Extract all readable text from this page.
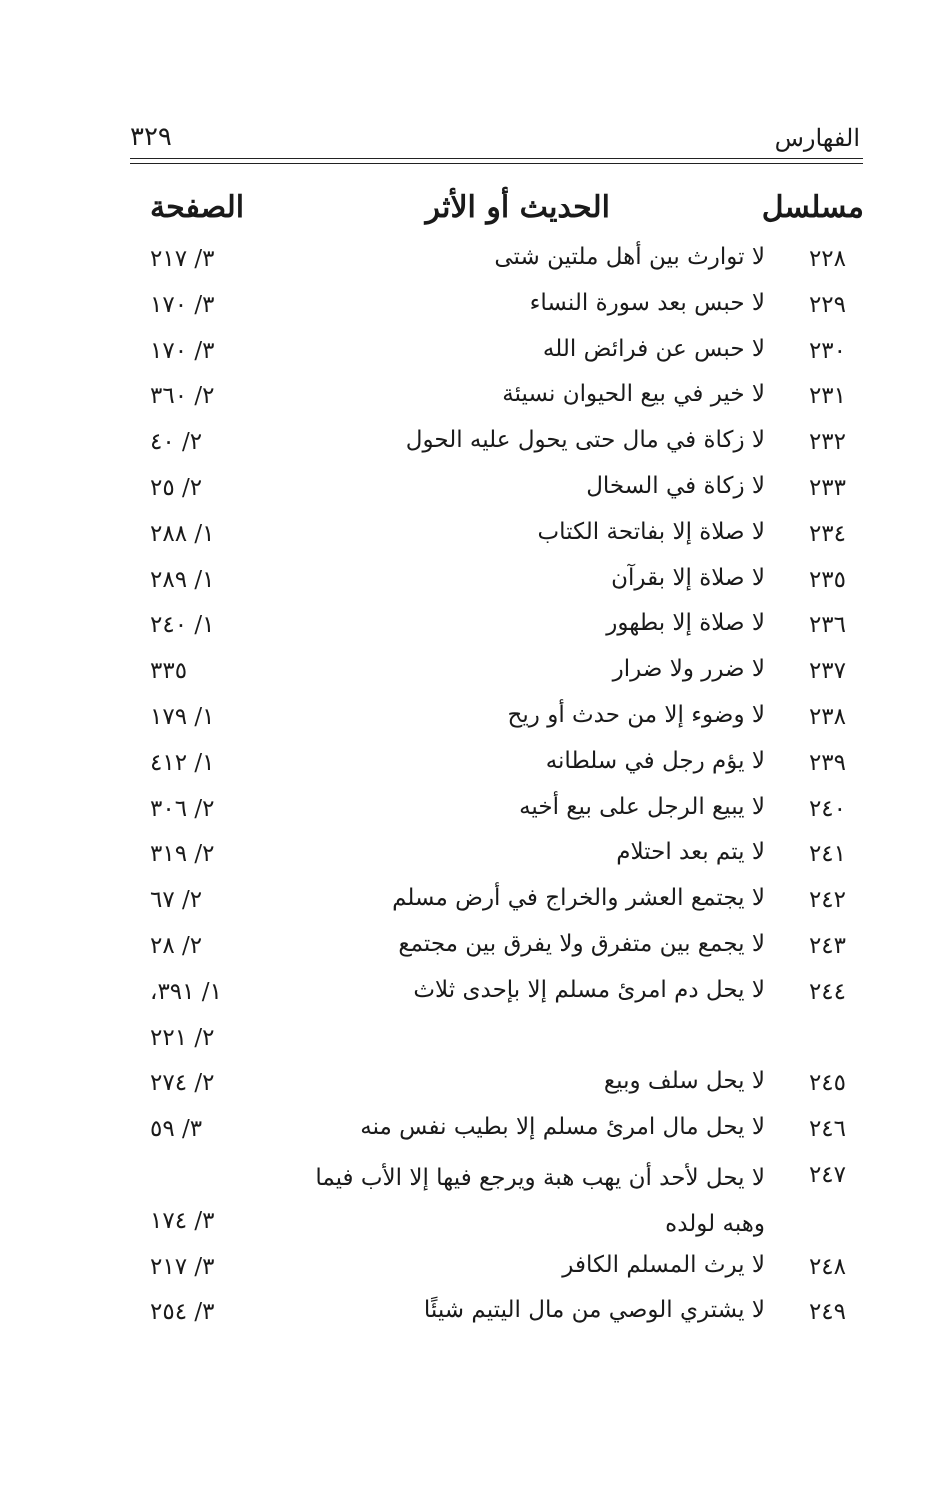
الفهارس
٣٢٩
مسلسل
الحديث أو الأثر
الصفحة
٢٢٨
لا توارث بين أهل ملتين شتى
٣/ ٢١٧
٢٢٩
لا حبس بعد سورة النساء
٣/ ١٧٠
٢٣٠
لا حبس عن فرائض الله
٣/ ١٧٠
٢٣١
لا خير في بيع الحيوان نسيئة
٢/ ٣٦٠
٢٣٢
لا زكاة في مال حتى يحول عليه الحول
٢/ ٤٠
٢٣٣
لا زكاة في السخال
٢/ ٢٥
٢٣٤
لا صلاة إلا بفاتحة الكتاب
١/ ٢٨٨
٢٣٥
لا صلاة إلا بقرآن
١/ ٢٨٩
٢٣٦
لا صلاة إلا بطهور
١/ ٢٤٠
٢٣٧
لا ضرر ولا ضرار
٣٣٥
٢٣٨
لا وضوء إلا من حدث أو ريح
١/ ١٧٩
٢٣٩
لا يؤم رجل في سلطانه
١/ ٤١٢
٢٤٠
لا يبيع الرجل على بيع أخيه
٢/ ٣٠٦
٢٤١
لا يتم بعد احتلام
٢/ ٣١٩
٢٤٢
لا يجتمع العشر والخراج في أرض مسلم
٢/ ٦٧
٢٤٣
لا يجمع بين متفرق ولا يفرق بين مجتمع
٢/ ٢٨
٢٤٤
لا يحل دم امرئ مسلم إلا بإحدى ثلاث
١/ ٣٩١،
٢/ ٢٢١
٢٤٥
لا يحل سلف وبيع
٢/ ٢٧٤
٢٤٦
لا يحل مال امرئ مسلم إلا بطيب نفس منه
٣/ ٥٩
٢٤٧
لا يحل لأحد أن يهب هبة ويرجع فيها إلا الأب فيما وهبه لولده
٣/ ١٧٤
٢٤٨
لا يرث المسلم الكافر
٣/ ٢١٧
٢٤٩
لا يشتري الوصي من مال اليتيم شيئًا
٣/ ٢٥٤
